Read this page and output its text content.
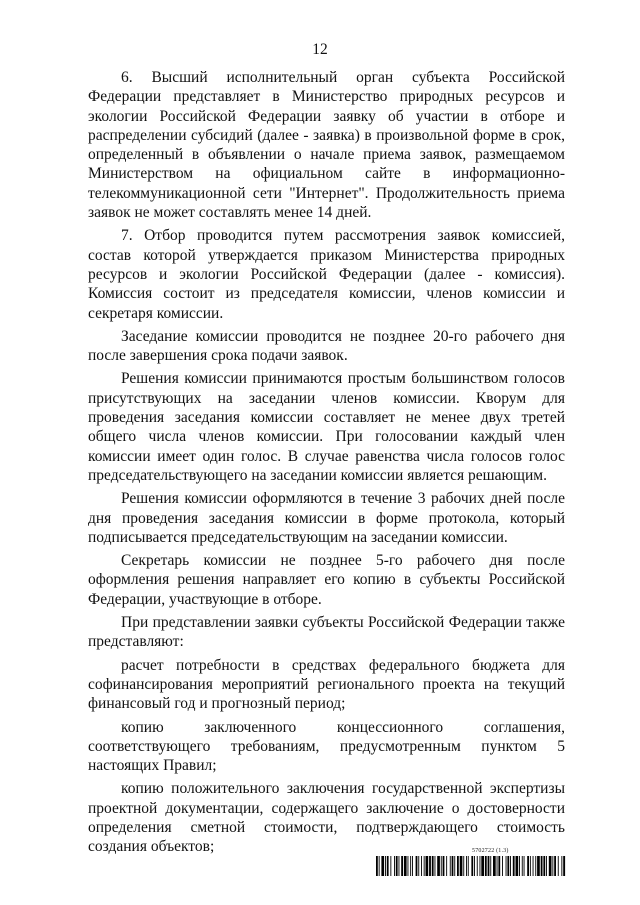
12

6. Высший исполнительный орган субъекта Российской Федерации представляет в Министерство природных ресурсов и экологии Российской Федерации заявку об участии в отборе и распределении субсидий (далее - заявка) в произвольной форме в срок, определенный в объявлении о начале приема заявок, размещаемом Министерством на официальном сайте в информационно-телекоммуникационной сети "Интернет". Продолжительность приема заявок не может составлять менее 14 дней.

7. Отбор проводится путем рассмотрения заявок комиссией, состав которой утверждается приказом Министерства природных ресурсов и экологии Российской Федерации (далее - комиссия). Комиссия состоит из председателя комиссии, членов комиссии и секретаря комиссии.

Заседание комиссии проводится не позднее 20-го рабочего дня после завершения срока подачи заявок.

Решения комиссии принимаются простым большинством голосов присутствующих на заседании членов комиссии. Кворум для проведения заседания комиссии составляет не менее двух третей общего числа членов комиссии. При голосовании каждый член комиссии имеет один голос. В случае равенства числа голосов голос председательствующего на заседании комиссии является решающим.

Решения комиссии оформляются в течение 3 рабочих дней после дня проведения заседания комиссии в форме протокола, который подписывается председательствующим на заседании комиссии.

Секретарь комиссии не позднее 5-го рабочего дня после оформления решения направляет его копию в субъекты Российской Федерации, участвующие в отборе.

При представлении заявки субъекты Российской Федерации также представляют:

расчет потребности в средствах федерального бюджета для софинансирования мероприятий регионального проекта на текущий финансовый год и прогнозный период;

копию заключенного концессионного соглашения, соответствующего требованиям, предусмотренным пунктом 5 настоящих Правил;

копию положительного заключения государственной экспертизы проектной документации, содержащего заключение о достоверности определения сметной стоимости, подтверждающего стоимость создания объектов;	5702722 (1.3)
